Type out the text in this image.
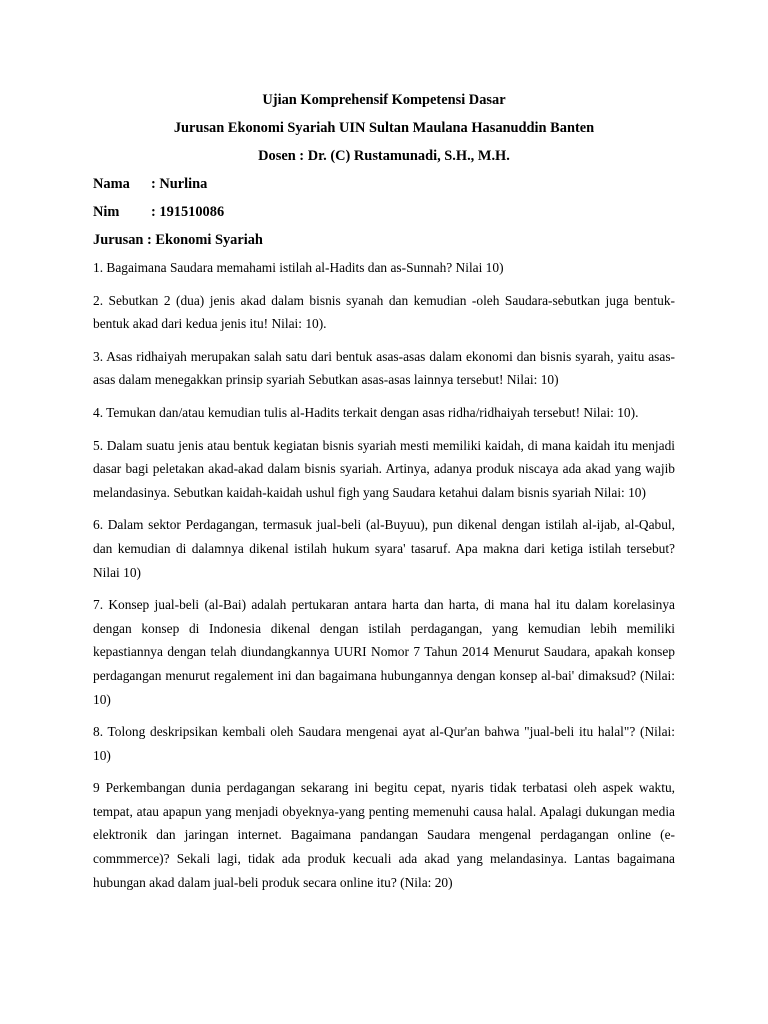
Ujian Komprehensif Kompetensi Dasar
Jurusan Ekonomi Syariah UIN Sultan Maulana Hasanuddin Banten
Dosen : Dr. (C) Rustamunadi, S.H., M.H.
Nama : Nurlina
Nim : 191510086
Jurusan : Ekonomi Syariah

1. Bagaimana Saudara memahami istilah al-Hadits dan as-Sunnah? Nilai 10)

2. Sebutkan 2 (dua) jenis akad dalam bisnis syanah dan kemudian -oleh Saudara-sebutkan juga bentuk-bentuk akad dari kedua jenis itu! Nilai: 10).

3. Asas ridhaiyah merupakan salah satu dari bentuk asas-asas dalam ekonomi dan bisnis syarah, yaitu asas-asas dalam menegakkan prinsip syariah Sebutkan asas-asas lainnya tersebut! Nilai: 10)

4. Temukan dan/atau kemudian tulis al-Hadits terkait dengan asas ridha/ridhaiyah tersebut! Nilai: 10).

5. Dalam suatu jenis atau bentuk kegiatan bisnis syariah mesti memiliki kaidah, di mana kaidah itu menjadi dasar bagi peletakan akad-akad dalam bisnis syariah. Artinya, adanya produk niscaya ada akad yang wajib melandasinya. Sebutkan kaidah-kaidah ushul figh yang Saudara ketahui dalam bisnis syariah Nilai: 10)

6. Dalam sektor Perdagangan, termasuk jual-beli (al-Buyuu), pun dikenal dengan istilah al-ijab, al-Qabul, dan kemudian di dalamnya dikenal istilah hukum syara' tasaruf. Apa makna dari ketiga istilah tersebut? Nilai 10)

7. Konsep jual-beli (al-Bai) adalah pertukaran antara harta dan harta, di mana hal itu dalam korelasinya dengan konsep di Indonesia dikenal dengan istilah perdagangan, yang kemudian lebih memiliki kepastiannya dengan telah diundangkannya UURI Nomor 7 Tahun 2014 Menurut Saudara, apakah konsep perdagangan menurut regalement ini dan bagaimana hubungannya dengan konsep al-bai' dimaksud? (Nilai: 10)

8. Tolong deskripsikan kembali oleh Saudara mengenai ayat al-Qur'an bahwa "jual-beli itu halal"? (Nilai: 10)

9 Perkembangan dunia perdagangan sekarang ini begitu cepat, nyaris tidak terbatasi oleh aspek waktu, tempat, atau apapun yang menjadi obyeknya-yang penting memenuhi causa halal. Apalagi dukungan media elektronik dan jaringan internet. Bagaimana pandangan Saudara mengenal perdagangan online (e-commmerce)? Sekali lagi, tidak ada produk kecuali ada akad yang melandasinya. Lantas bagaimana hubungan akad dalam jual-beli produk secara online itu? (Nila: 20)
